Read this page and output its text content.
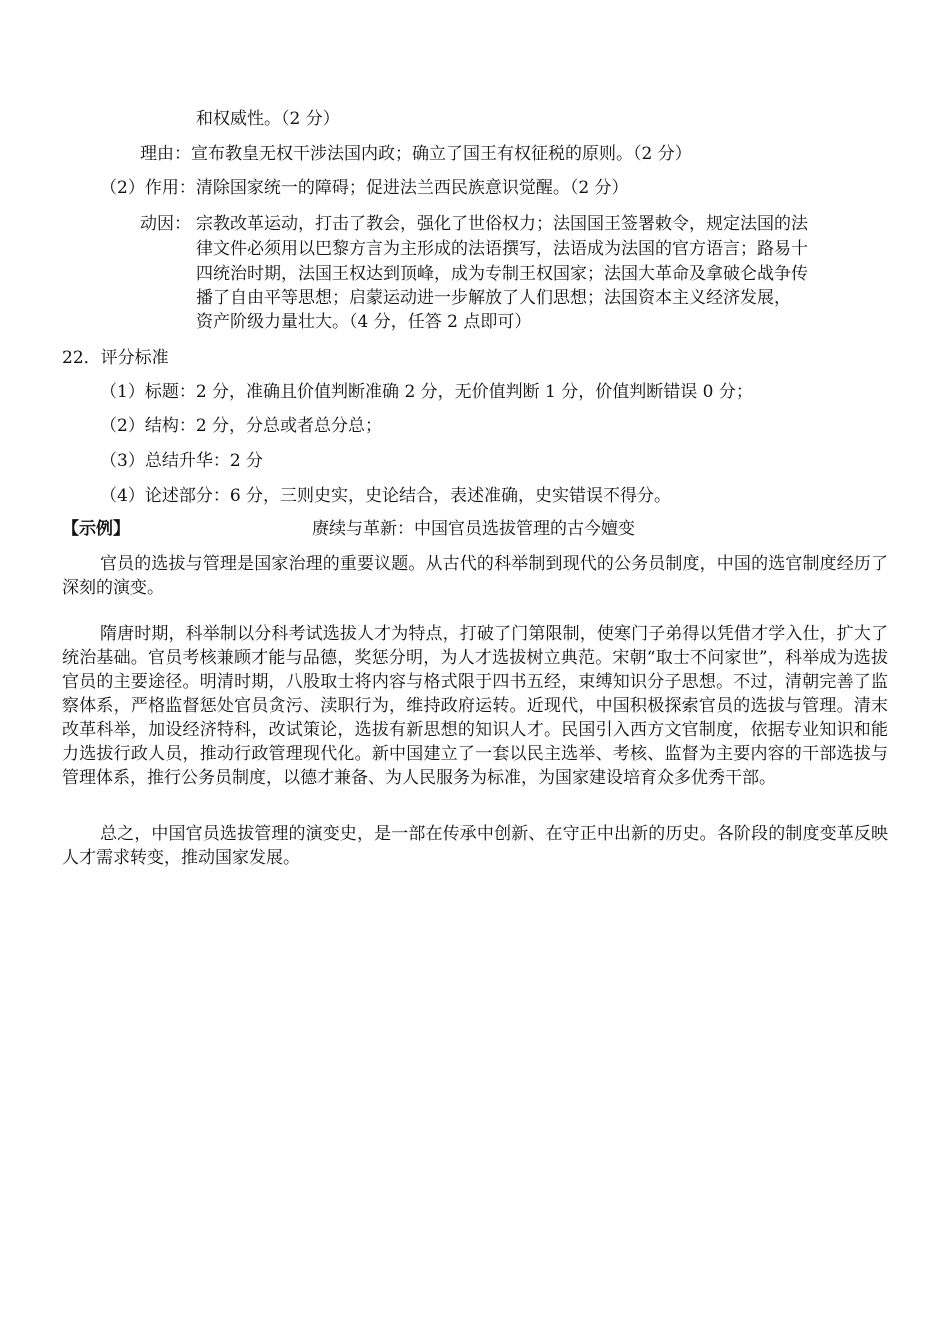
和权威性。（2 分）
理由：宣布教皇无权干涉法国内政；确立了国王有权征税的原则。（2 分）
（2）作用：清除国家统一的障碍；促进法兰西民族意识觉醒。（2 分）
动因： 宗教改革运动，打击了教会，强化了世俗权力；法国国王签署敕令，规定法国的法
律文件必须用以巴黎方言为主形成的法语撰写，法语成为法国的官方语言；路易十
四统治时期，法国王权达到顶峰，成为专制王权国家；法国大革命及拿破仑战争传
播了自由平等思想；启蒙运动进一步解放了人们思想；法国资本主义经济发展，
资产阶级力量壮大。（4 分，任答 2 点即可）
22．评分标准
（1）标题：2 分，准确且价值判断准确 2 分，无价值判断 1 分，价值判断错误 0 分；
（2）结构：2 分，分总或者总分总；
（3）总结升华：2 分
（4）论述部分：6 分，三则史实，史论结合，表述准确，史实错误不得分。
【示例】	赓续与革新：中国官员选拔管理的古今嬗变
官员的选拔与管理是国家治理的重要议题。从古代的科举制到现代的公务员制度，中国的选官制度经历了深刻的演变。
隋唐时期，科举制以分科考试选拔人才为特点，打破了门第限制，使寒门子弟得以凭借才学入仕，扩大了统治基础。官员考核兼顾才能与品德，奖惩分明，为人才选拔树立典范。宋朝“取士不问家世”，科举成为选拔官员的主要途径。明清时期，八股取士将内容与格式限于四书五经，束缚知识分子思想。不过，清朝完善了监察体系，严格监督惩处官员贪污、渎职行为，维持政府运转。近现代，中国积极探索官员的选拔与管理。清末改革科举，加设经济特科，改试策论，选拔有新思想的知识人才。民国引入西方文官制度，依据专业知识和能力选拔行政人员，推动行政管理现代化。新中国建立了一套以民主选举、考核、监督为主要内容的干部选拔与管理体系，推行公务员制度，以德才兼备、为人民服务为标准，为国家建设培育众多优秀干部。
总之，中国官员选拔管理的演变史，是一部在传承中创新、在守正中出新的历史。各阶段的制度变革反映人才需求转变，推动国家发展。
